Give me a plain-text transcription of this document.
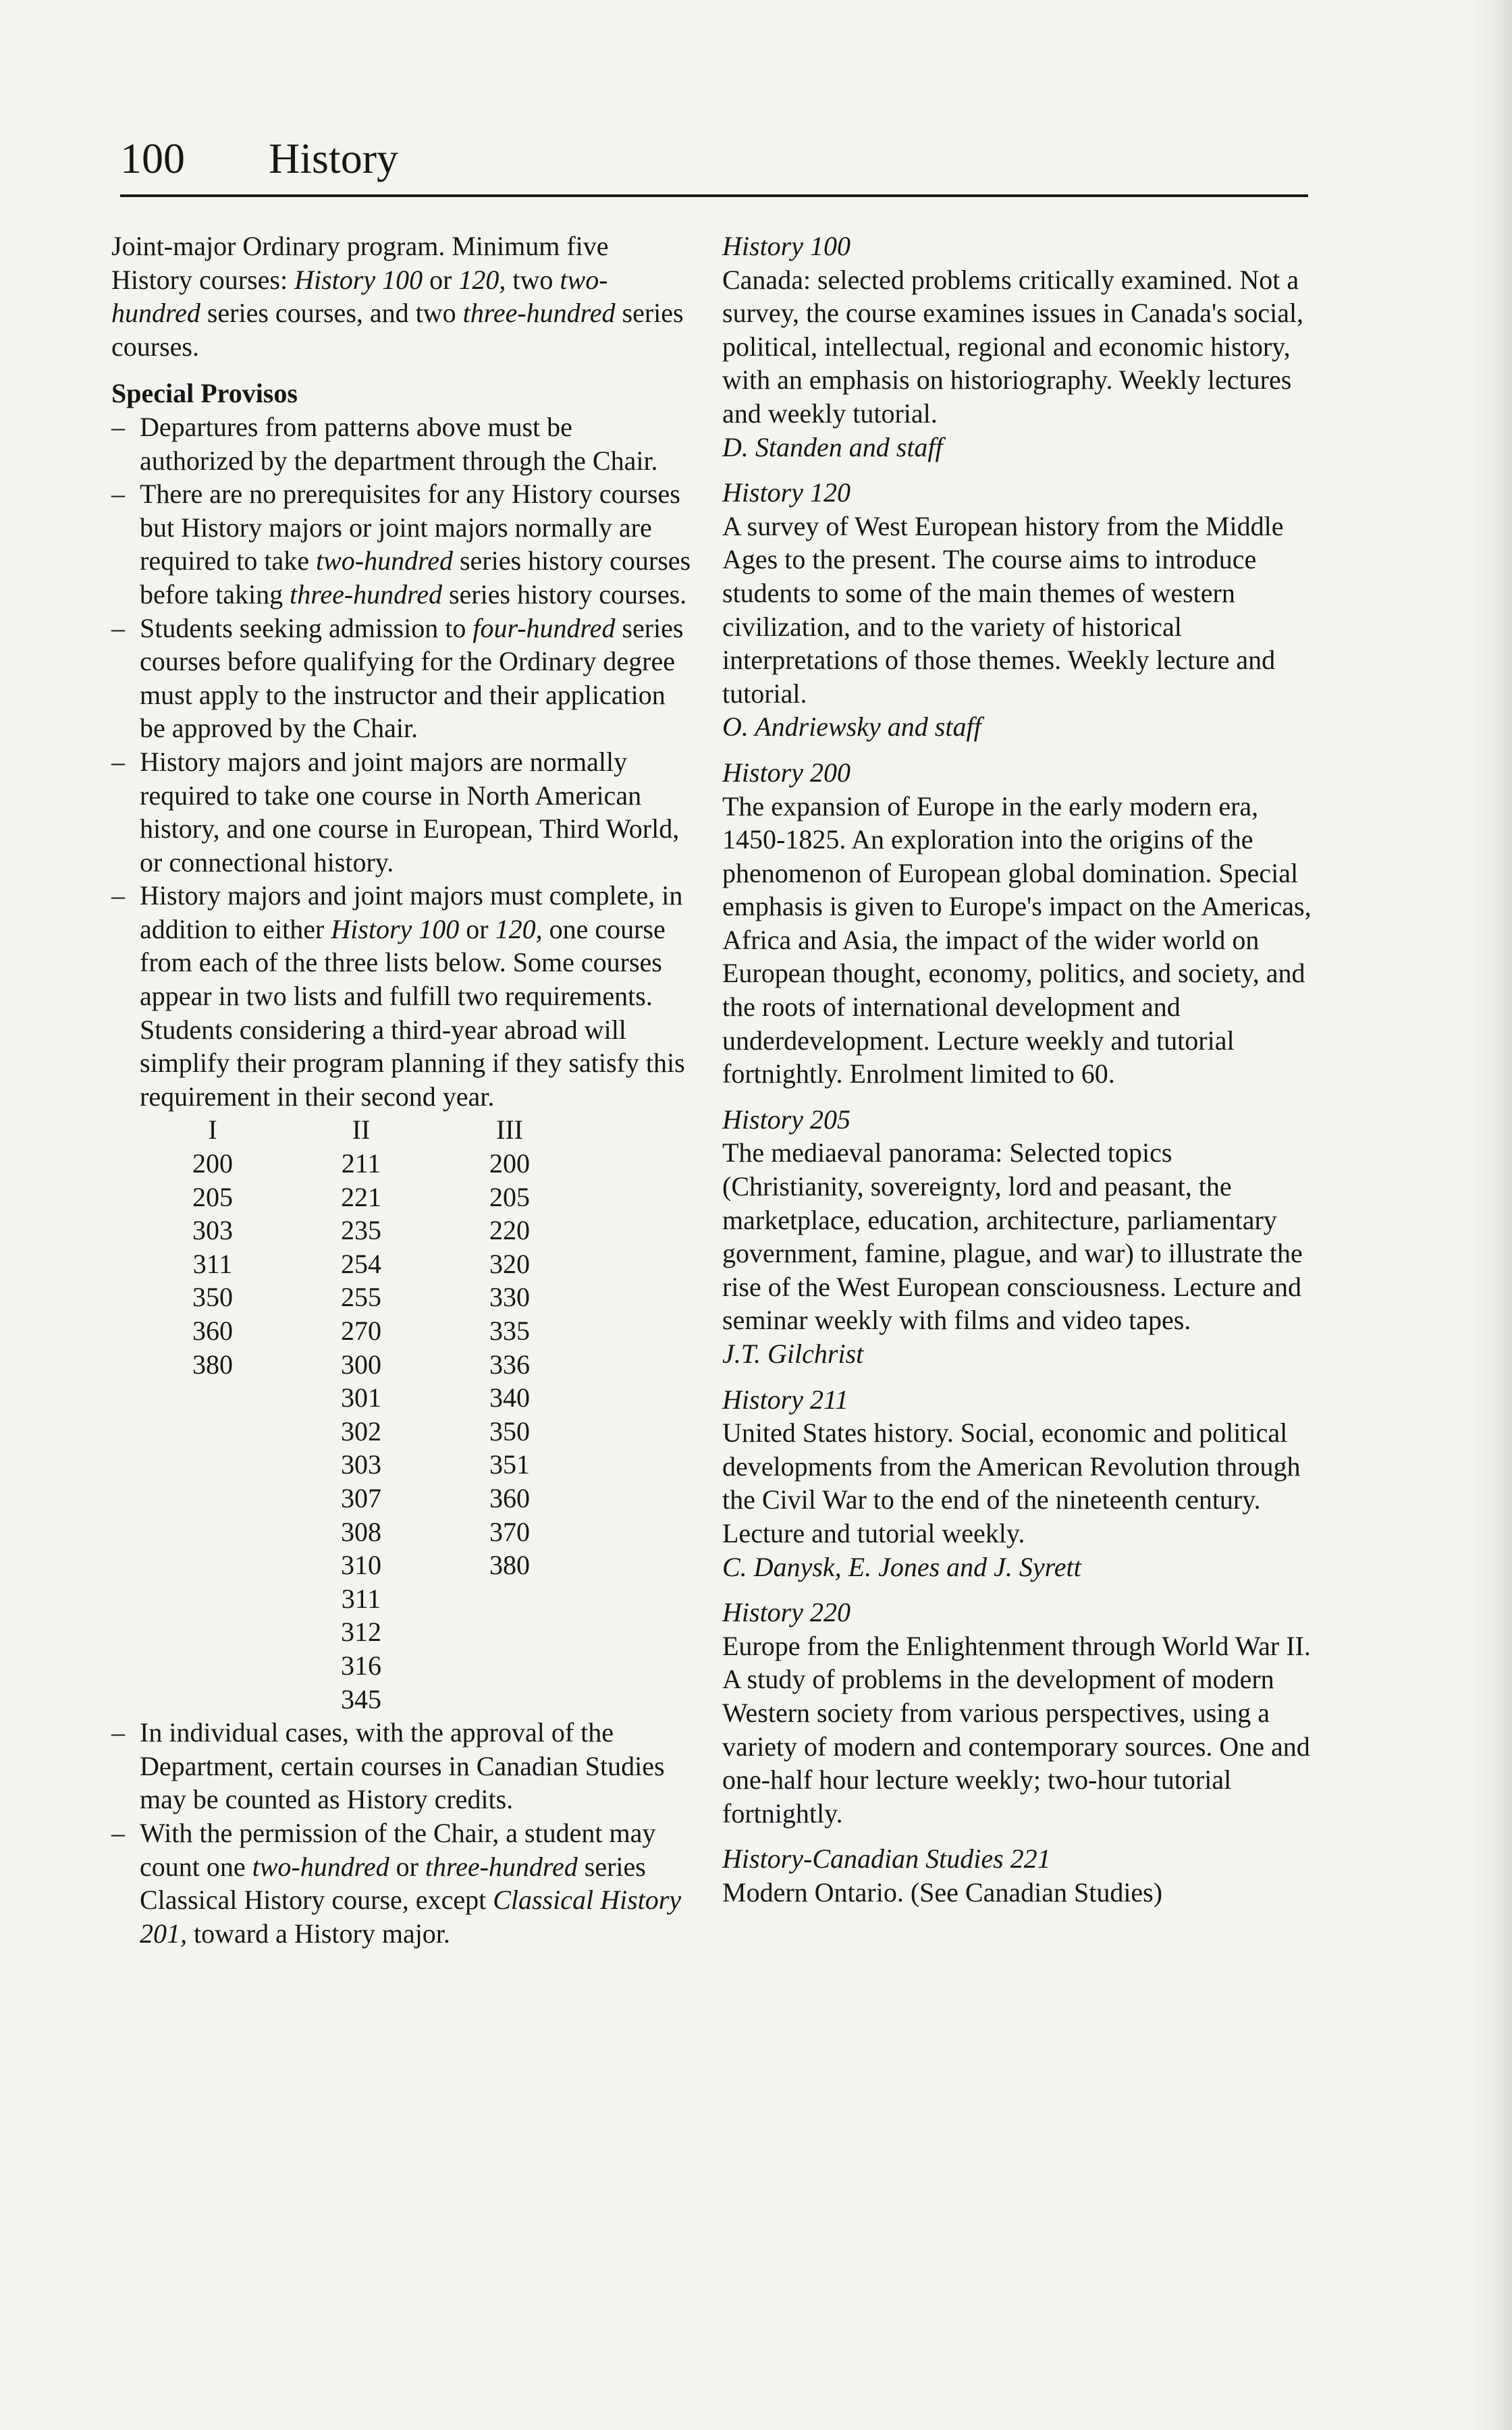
100 History

Joint-major Ordinary program. Minimum five History courses: History 100 or 120, two two-hundred series courses, and two three-hundred series courses.

Special Provisos

– Departures from patterns above must be authorized by the department through the Chair.

– There are no prerequisites for any History courses but History majors or joint majors normally are required to take two-hundred series history courses before taking three-hundred series history courses.

– Students seeking admission to four-hundred series courses before qualifying for the Ordinary degree must apply to the instructor and their application be approved by the Chair.

– History majors and joint majors are normally required to take one course in North American history, and one course in European, Third World, or connectional history.

– History majors and joint majors must complete, in addition to either History 100 or 120, one course from each of the three lists below. Some courses appear in two lists and fulfill two requirements. Students considering a third-year abroad will simplify their program planning if they satisfy this requirement in their second year.

I
200
205
303
311
350
360
380
II
211
221
235
254
255
270
300
301
302
303
307
308
310
311
312
316
345
III
200
205
220
320
330
335
336
340
350
351
360
370
380

– In individual cases, with the approval of the Department, certain courses in Canadian Studies may be counted as History credits.

– With the permission of the Chair, a student may count one two-hundred or three-hundred series Classical History course, except Classical History 201, toward a History major.

History 100

Canada: selected problems critically examined. Not a survey, the course examines issues in Canada's social, political, intellectual, regional and economic history, with an emphasis on historiography. Weekly lectures and weekly tutorial.

D. Standen and staff

History 120

A survey of West European history from the Middle Ages to the present. The course aims to introduce students to some of the main themes of western civilization, and to the variety of historical interpretations of those themes. Weekly lecture and tutorial.

O. Andriewsky and staff

History 200

The expansion of Europe in the early modern era, 1450-1825. An exploration into the origins of the phenomenon of European global domination. Special emphasis is given to Europe's impact on the Americas, Africa and Asia, the impact of the wider world on European thought, economy, politics, and society, and the roots of international development and underdevelopment. Lecture weekly and tutorial fortnightly. Enrolment limited to 60.

History 205

The mediaeval panorama: Selected topics (Christianity, sovereignty, lord and peasant, the marketplace, education, architecture, parliamentary government, famine, plague, and war) to illustrate the rise of the West European consciousness. Lecture and seminar weekly with films and video tapes.

J.T. Gilchrist

History 211

United States history. Social, economic and political developments from the American Revolution through the Civil War to the end of the nineteenth century. Lecture and tutorial weekly.

C. Danysk, E. Jones and J. Syrett

History 220

Europe from the Enlightenment through World War II. A study of problems in the development of modern Western society from various perspectives, using a variety of modern and contemporary sources. One and one-half hour lecture weekly; two-hour tutorial fortnightly.

History-Canadian Studies 221

Modern Ontario. (See Canadian Studies)
